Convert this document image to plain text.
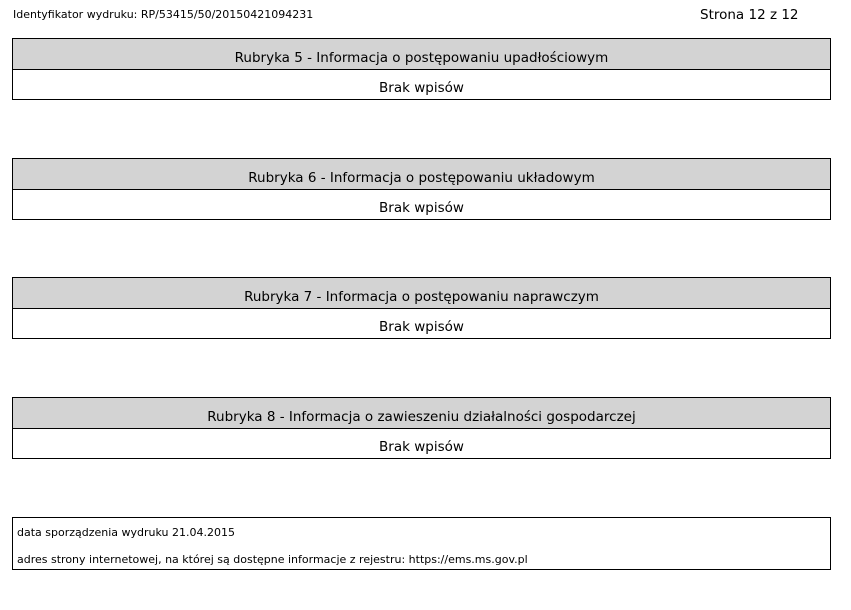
Identyfikator wydruku: RP/53415/50/20150421094231	Strona 12 z 12
Rubryka 5 - Informacja o postępowaniu upadłościowym
Brak wpisów
Rubryka 6 - Informacja o postępowaniu układowym
Brak wpisów
Rubryka 7 - Informacja o postępowaniu naprawczym
Brak wpisów
Rubryka 8 - Informacja o zawieszeniu działalności gospodarczej
Brak wpisów
data sporządzenia wydruku 21.04.2015
adres strony internetowej, na której są dostępne informacje z rejestru: https://ems.ms.gov.pl
